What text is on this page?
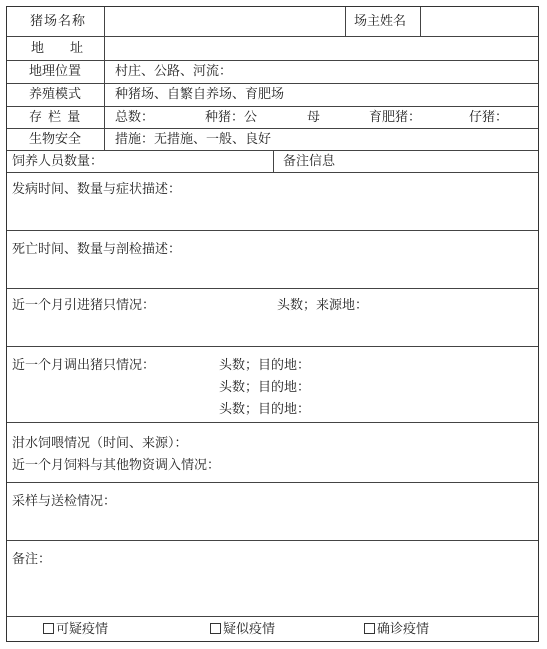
猪场名称	场主姓名
地　　址
地理位置	村庄、公路、河流：
养殖模式	种猪场、自繁自养场、育肥场
存 栏 量	总数：	种猪：公	母	育肥猪：	仔猪：
生物安全	措施：无措施、一般、良好
饲养人员数量：	备注信息
发病时间、数量与症状描述：
死亡时间、数量与剖检描述：
近一个月引进猪只情况：	头数；来源地：
近一个月调出猪只情况：	头数；目的地：
头数；目的地：
头数；目的地：
泔水饲喂情况（时间、来源）：
近一个月饲料与其他物资调入情况：
采样与送检情况：
备注：
可疑疫情	疑似疫情	确诊疫情
